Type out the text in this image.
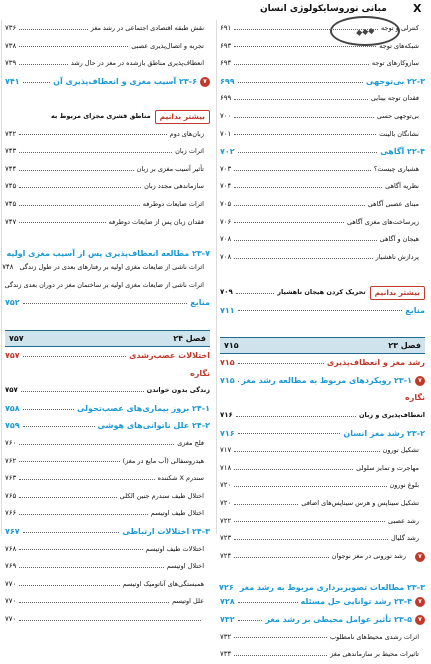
مبانی نوروسایکولوژی انسان X
◆◆◆ کنترلی و توجه
۶۹۱
شبکه‌های توجه
۶۹۳
سازوکارهای توجه
۶۹۴
۲۲-۳ بی‌توجهی
۶۹۹
فقدان توجه بینایی
۶۹۹
بی‌توجهی حسی
۷۰۰
نشانگان بالینت
۷۰۱
۲۲-۴ آگاهی
۷۰۲
هشیاری چیست؟
۷۰۳
نظریه آگاهی
۷۰۴
مبنای عصبی آگاهی
۷۰۵
زیرساخت‌های مغزی آگاهی
۷۰۶
هیجان و آگاهی
۷۰۸
پردازش ناهشیار
۷۰۸
بیشتر بدانیم
تحریک کردن هیجان ناهشیار
۷۰۹
منابع
۷۱۱
فصل ۲۳
۷۱۵
رشد مغز و انعطاف‌پذیری
۷۱۵
۷
۲۳-۱ رویکردهای مربوط به مطالعه رشد مغز
۷۱۵
نگاره
انعطاف‌پذیری و زبان
۷۱۶
۲۳-۲ رشد مغز انسان
۷۱۶
تشکیل نورون
۷۱۷
مهاجرت و تمایز سلولی
۷۱۸
بلوغ نورون
۷۲۰
تشکیل سیناپس و هرس سیناپس‌های اضافی
۷۲۰
رشد عصبی
۷۲۲
رشد گلیال
۷۲۳
۷
رشد نورونی در مغز نوجوان
۷۲۴
۲۳-۳ مطالعات تصویربرداری مربوط به رشد مغز
۷۲۶
۷
۲۳-۴ رشد توانایی حل مسئله
۷۲۸
۷
۲۳-۵ تأثیر عوامل محیطی بر رشد مغز
۷۳۲
اثرات رشدی محیط‌های نامطلوب
۷۳۲
تاثیرات محیط بر سازماندهی مغز
۷۳۴
نقش طبقه اقتصادی اجتماعی در رشد مغز
۷۳۶
تجربه و اتصال‌پذیری عصبی
۷۳۸
انعطاف‌پذیری مناطق بازشده در مغز در حال رشد
۷۳۹
۷
۲۳-۶ آسیب مغزی و انعطاف‌پذیری آن
۷۴۱
بیشتر بدانیم
مناطق قشری مجزای مربوط به
زبان‌های دوم
۷۴۲
اثرات زبان
۷۴۳
تأثیر آسیب مغزی بر زبان
۷۴۴
سازماندهی مجدد زبان
۷۴۵
اثرات ضایعات دوطرفه
۷۴۵
فقدان زبان پس از ضایعات دوطرفه
۷۴۷
۲۳-۷ مطالعه انعطاف‌پذیری پس از آسیب مغزی اولیه
اثرات ناشی از ضایعات مغزی اولیه بر رفتارهای بعدی در طول زندگی
۷۴۸
اثرات ناشی از ضایعات مغزی اولیه بر ساختمان مغز در دوران بعدی زندگی
منابع
۷۵۲
فصل ۲۴
۷۵۷
اختلالات عصب‌رشدی
۷۵۷
نگاره
زندگی بدون خواندن
۷۵۷
۲۴-۱ بروز بیماری‌های عصب‌تحولی
۷۵۸
۲۴-۲ علل ناتوانی‌های هوشی
۷۵۹
فلج مغزی
۷۶۰
هیدروسفالی (آب مایع در مغز)
۷۶۲
سندرم X شکننده
۷۶۳
اختلال طیف سندرم جنین الکلی
۷۶۵
اختلال طیف اوتیسم
۷۶۶
۲۴-۳ اختلالات ارتباطی
۷۶۷
اختلالات طیف اوتیسم
۷۶۸
اختلال اوتیسم
۷۶۹
همبستگی‌های آناتومیک اوتیسم
۷۷۰
علل اوتیسم
۷۷۰
۷۷۰
